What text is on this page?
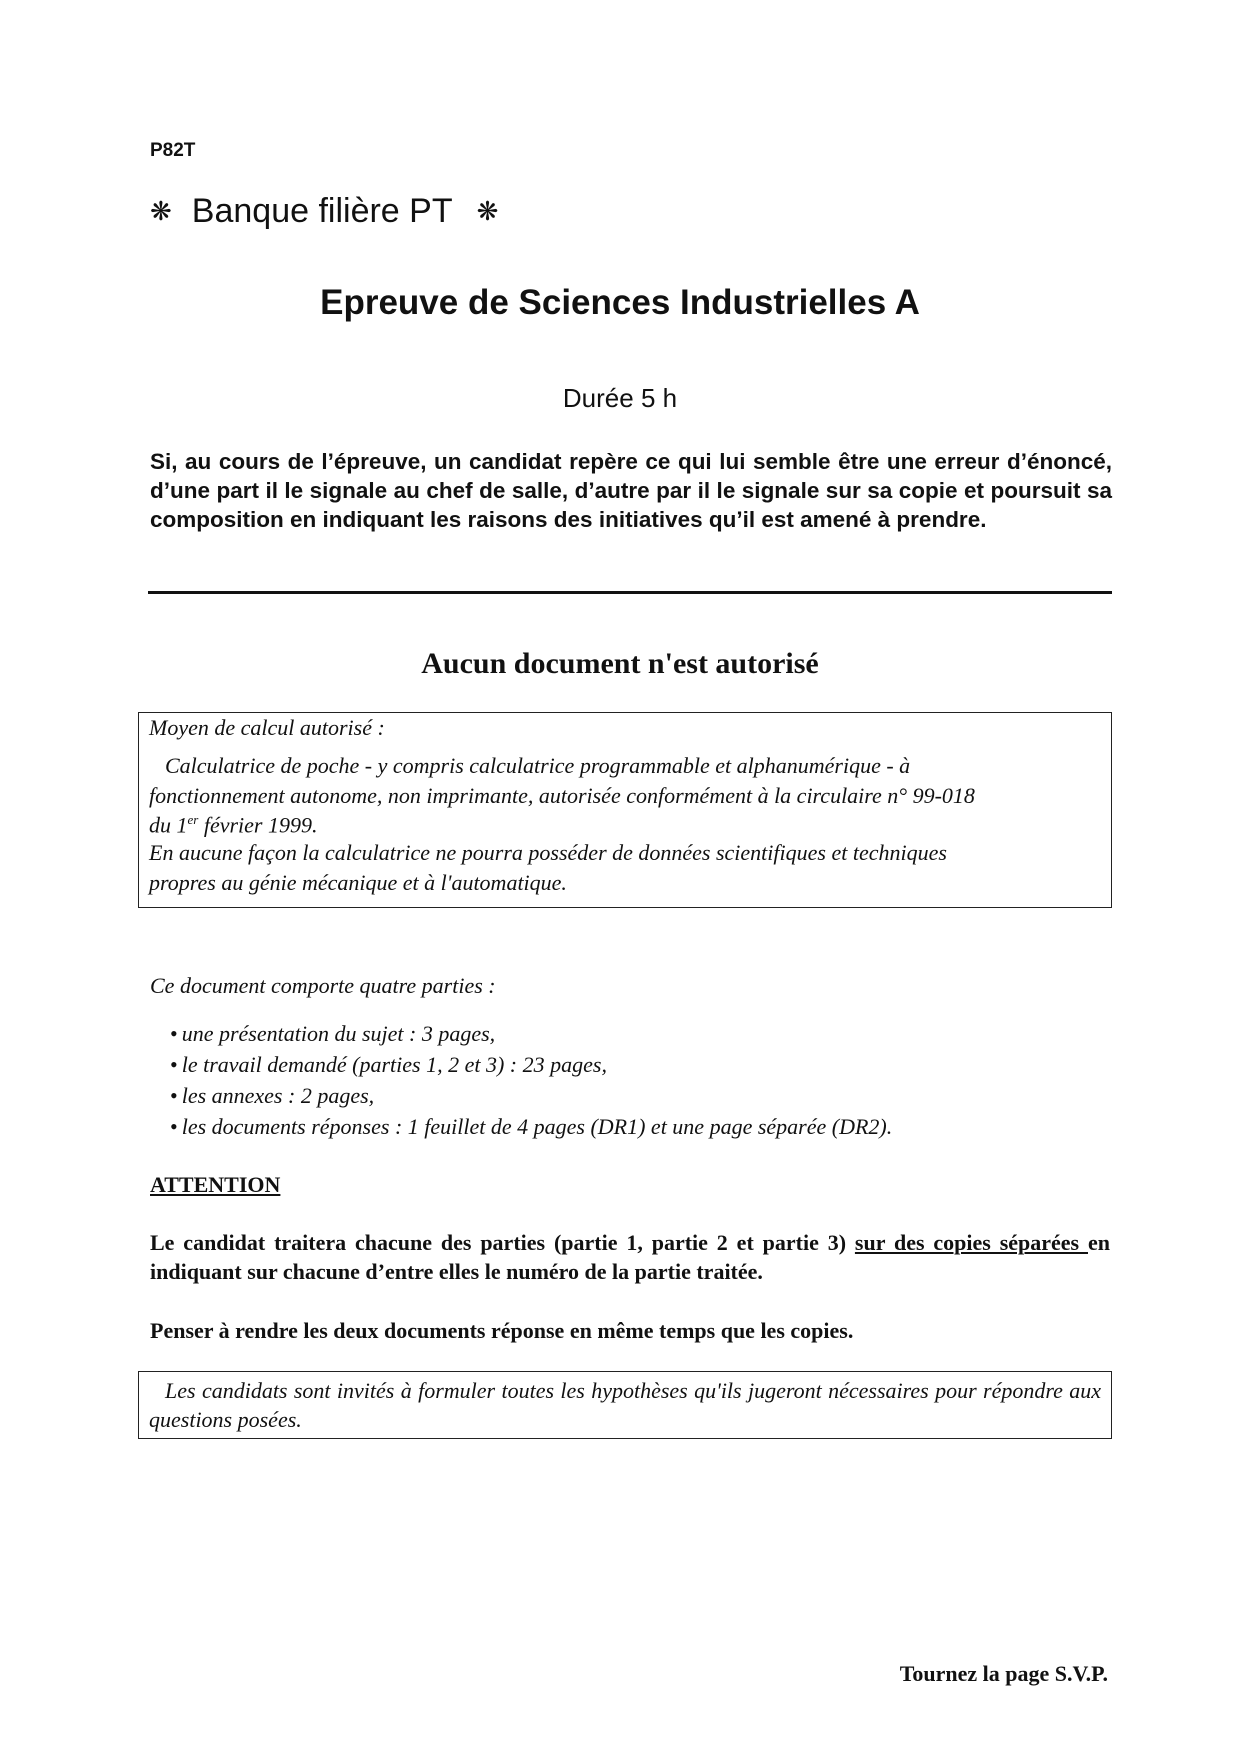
P82T
❋ Banque filière PT ❋
Epreuve de Sciences Industrielles A
Durée 5 h
Si, au cours de l’épreuve, un candidat repère ce qui lui semble être une erreur d’énoncé, d’une part il le signale au chef de salle, d’autre par il le signale sur sa copie et poursuit sa composition en indiquant les raisons des initiatives qu’il est amené à prendre.
Aucun document n'est autorisé
Moyen de calcul autorisé :
Calculatrice de poche - y compris calculatrice programmable et alphanumérique - à
fonctionnement autonome, non imprimante, autorisée conformément à la circulaire n° 99-018
du 1er février 1999.
En aucune façon la calculatrice ne pourra posséder de données scientifiques et techniques
propres au génie mécanique et à l'automatique.
Ce document comporte quatre parties :
• une présentation du sujet : 3 pages,
• le travail demandé (parties 1, 2 et 3) : 23 pages,
• les annexes : 2 pages,
• les documents réponses : 1 feuillet de 4 pages (DR1) et une page séparée (DR2).
ATTENTION
Le candidat traitera chacune des parties (partie 1, partie 2 et partie 3) sur des copies séparées en indiquant sur chacune d’entre elles le numéro de la partie traitée.
Penser à rendre les deux documents réponse en même temps que les copies.
Les candidats sont invités à formuler toutes les hypothèses qu'ils jugeront nécessaires pour répondre aux questions posées.
Tournez la page S.V.P.
